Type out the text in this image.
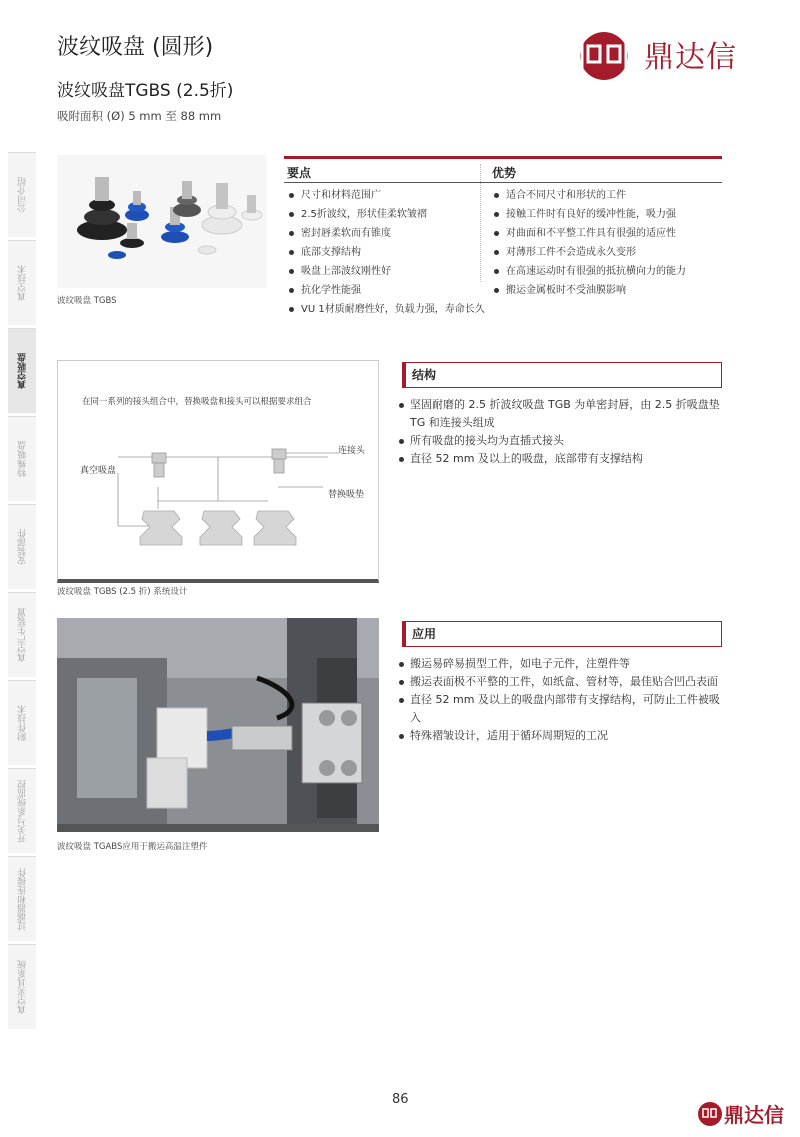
波纹吸盘 (圆形)
波纹吸盘TGBS (2.5折)
吸附面积 (Ø) 5 mm 至 88 mm
鼎达信
公司介绍
真空技术
真空吸盘
特殊吸盘
安装部件
真空产生装置
附件技术
开关与系统监控
过滤器和连接件
真空夹具系统
波纹吸盘 TGBS
要点	优势
尺寸和材料范围广
2.5折波纹，形状佳柔软皱褶
密封唇柔软而有锥度
底部支撑结构
吸盘上部波纹刚性好
抗化学性能强
VU 1材质耐磨性好，负载力强，寿命长久
适合不同尺寸和形状的工件
接触工件时有良好的缓冲性能，吸力强
对曲面和不平整工件具有很强的适应性
对薄形工件不会造成永久变形
在高速运动时有很强的抵抗横向力的能力
搬运金属板时不受油膜影响
在同一系列的接头组合中，替换吸盘和接头可以根据要求组合
连接头
替换吸垫
真空吸盘
波纹吸盘 TGBS (2.5 折) 系统设计
结构
坚固耐磨的 2.5 折波纹吸盘 TGB 为单密封唇，由 2.5 折吸盘垫 TG 和连接头组成
所有吸盘的接头均为直插式接头
直径 52 mm 及以上的吸盘，底部带有支撑结构
波纹吸盘 TGABS应用于搬运高温注塑件
应用
搬运易碎易损型工件，如电子元件，注塑件等
搬运表面极不平整的工件，如纸盒、管材等，最佳贴合凹凸表面
直径 52 mm 及以上的吸盘内部带有支撑结构，可防止工件被吸入
特殊褶皱设计，适用于循环周期短的工况
86
鼎达信
